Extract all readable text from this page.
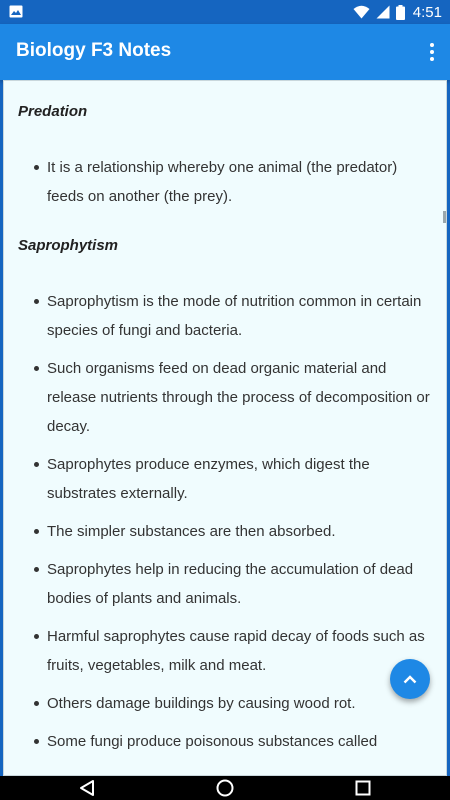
4:51
Biology F3 Notes
Predation
It is a relationship whereby one animal (the predator) feeds on another (the prey).
Saprophytism
Saprophytism is the mode of nutrition common in certain species of fungi and bacteria.
Such organisms feed on dead organic material and release nutrients through the process of decomposition or decay.
Saprophytes produce enzymes, which digest the substrates externally.
The simpler substances are then absorbed.
Saprophytes help in reducing the accumulation of dead bodies of plants and animals.
Harmful saprophytes cause rapid decay of foods such as fruits, vegetables, milk and meat.
Others damage buildings by causing wood rot.
Some fungi produce poisonous substances called
